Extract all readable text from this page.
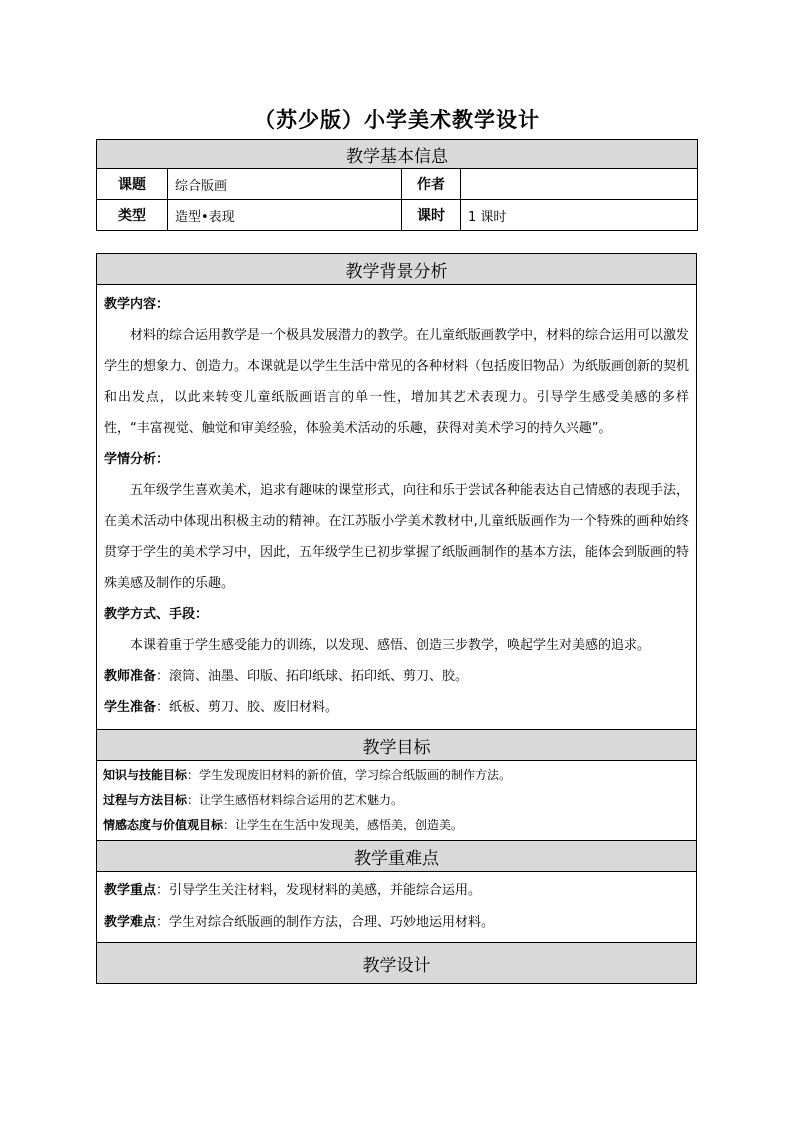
（苏少版）小学美术教学设计
教学基本信息			
课题	综合版画	作者	
类型	造型•表现	课时	1 课时
教学背景分析

教学内容：

材料的综合运用教学是一个极具发展潜力的教学。在儿童纸版画教学中，材料的综合运用可以激发学生的想象力、创造力。本课就是以学生生活中常见的各种材料（包括废旧物品）为纸版画创新的契机和出发点，以此来转变儿童纸版画语言的单一性，增加其艺术表现力。引导学生感受美感的多样性，“丰富视觉、触觉和审美经验，体验美术活动的乐趣，获得对美术学习的持久兴趣”。

学情分析：

五年级学生喜欢美术，追求有趣味的课堂形式，向往和乐于尝试各种能表达自己情感的表现手法，在美术活动中体现出积极主动的精神。在江苏版小学美术教材中,儿童纸版画作为一个特殊的画种始终贯穿于学生的美术学习中，因此，五年级学生已初步掌握了纸版画制作的基本方法，能体会到版画的特殊美感及制作的乐趣。

教学方式、手段：

本课着重于学生感受能力的训练，以发现、感悟、创造三步教学，唤起学生对美感的追求。

教师准备：滚筒、油墨、印版、拓印纸球、拓印纸、剪刀、胶。

学生准备：纸板、剪刀、胶、废旧材料。

教学目标

知识与技能目标：学生发现废旧材料的新价值，学习综合纸版画的制作方法。
过程与方法目标：让学生感悟材料综合运用的艺术魅力。
情感态度与价值观目标：让学生在生活中发现美，感悟美，创造美。

教学重难点

教学重点：引导学生关注材料，发现材料的美感，并能综合运用。
教学难点：学生对综合纸版画的制作方法，合理、巧妙地运用材料。

教学设计
